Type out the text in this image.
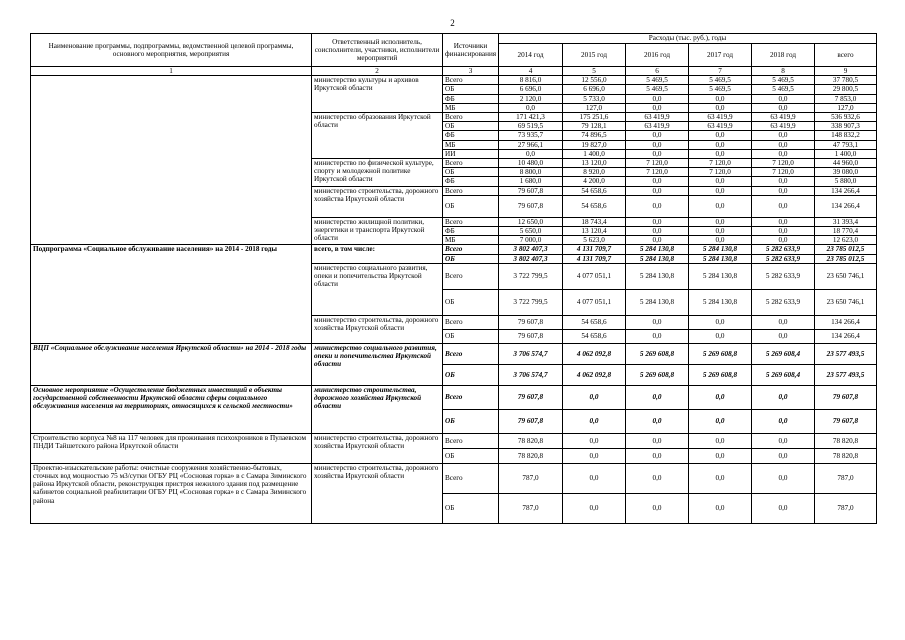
2
Наименование программы, подпрограммы, ведомственной целевой программы, основного мероприятия, мероприятия	Ответственный исполнитель, соисполнители, участники, исполнители мероприятий	Источники финансирования	Расходы (тыс. руб.), годы					
			2014 год	2015 год	2016 год	2017 год	2018 год	всего
1	2	3	4	5	6	7	8	9
	министерство культуры и архивов Иркутской области	Всего	8 816,0	12 556,0	5 469,5	5 469,5	5 469,5	37 780,5
		ОБ	6 696,0	6 696,0	5 469,5	5 469,5	5 469,5	29 800,5
		ФБ	2 120,0	5 733,0	0,0	0,0	0,0	7 853,0
		МБ	0,0	127,0	0,0	0,0	0,0	127,0
	министерство образования Иркутской области	Всего	171 421,3	175 251,6	63 419,9	63 419,9	63 419,9	536 932,6
		ОБ	69 519,5	79 128,1	63 419,9	63 419,9	63 419,9	338 907,3
		ФБ	73 935,7	74 896,5	0,0	0,0	0,0	148 832,2
		МБ	27 966,1	19 827,0	0,0	0,0	0,0	47 793,1
		ИИ	0,0	1 400,0	0,0	0,0	0,0	1 400,0
	министерство по физической культуре, спорту и молодежной политике Иркутской области	Всего	10 480,0	13 120,0	7 120,0	7 120,0	7 120,0	44 960,0
		ОБ	8 800,0	8 920,0	7 120,0	7 120,0	7 120,0	39 080,0
		ФБ	1 680,0	4 200,0	0,0	0,0	0,0	5 880,0
	министерство строительства, дорожного хозяйства Иркутской области	Всего	79 607,8	54 658,6	0,0	0,0	0,0	134 266,4
		ОБ	79 607,8	54 658,6	0,0	0,0	0,0	134 266,4
	министерство жилищной политики, энергетики и транспорта Иркутской области	Всего	12 650,0	18 743,4	0,0	0,0	0,0	31 393,4
		ФБ	5 650,0	13 120,4	0,0	0,0	0,0	18 770,4
		МБ	7 000,0	5 623,0	0,0	0,0	0,0	12 623,0
Подпрограмма «Социальное обслуживание населения» на 2014 - 2018 годы	всего, в том числе:	Всего	3 802 407,3	4 131 709,7	5 284 130,8	5 284 130,8	5 282 633,9	23 785 012,5
		ОБ	3 802 407,3	4 131 709,7	5 284 130,8	5 284 130,8	5 282 633,9	23 785 012,5
	министерство социального развития, опеки и попечительства Иркутской области	Всего	3 722 799,5	4 077 051,1	5 284 130,8	5 284 130,8	5 282 633,9	23 650 746,1
		ОБ	3 722 799,5	4 077 051,1	5 284 130,8	5 284 130,8	5 282 633,9	23 650 746,1
	министерство строительства, дорожного хозяйства Иркутской области	Всего	79 607,8	54 658,6	0,0	0,0	0,0	134 266,4
		ОБ	79 607,8	54 658,6	0,0	0,0	0,0	134 266,4
ВЦП «Социальное обслуживание населения Иркутской области» на 2014 - 2018 годы	министерство социального развития, опеки и попечительства Иркутской области	Всего	3 706 574,7	4 062 092,8	5 269 608,8	5 269 608,8	5 269 608,4	23 577 493,5
		ОБ	3 706 574,7	4 062 092,8	5 269 608,8	5 269 608,8	5 269 608,4	23 577 493,5
Основное мероприятие «Осуществление бюджетных инвестиций в объекты государственной собственности Иркутской области сферы социального обслуживания населения на территориях, относящихся к сельской местности»	министерство строительства, дорожного хозяйства Иркутской области	Всего	79 607,8	0,0	0,0	0,0	0,0	79 607,8
		ОБ	79 607,8	0,0	0,0	0,0	0,0	79 607,8
Строительство корпуса №8 на 117 человек для проживания психохроников в Пулаевском ПНДИ Тайшетского района Иркутской области	министерство строительства, дорожного хозяйства Иркутской области	Всего	78 820,8	0,0	0,0	0,0	0,0	78 820,8
		ОБ	78 820,8	0,0	0,0	0,0	0,0	78 820,8
Проектно-изыскательские работы: очистные сооружения хозяйственно-бытовых, сточных вод мощностью 75 м3/сутки ОГБУ РЦ «Сосновая горка» в с Самара Зиминского района Иркутской области, реконструкция пристроя нежилого здания под размещение кабинетов социальной реабилитации ОГБУ РЦ «Сосновая горка» в с Самара Зиминского района	министерство строительства, дорожного хозяйства Иркутской области	Всего	787,0	0,0	0,0	0,0	0,0	787,0
		ОБ	787,0	0,0	0,0	0,0	0,0	787,0
